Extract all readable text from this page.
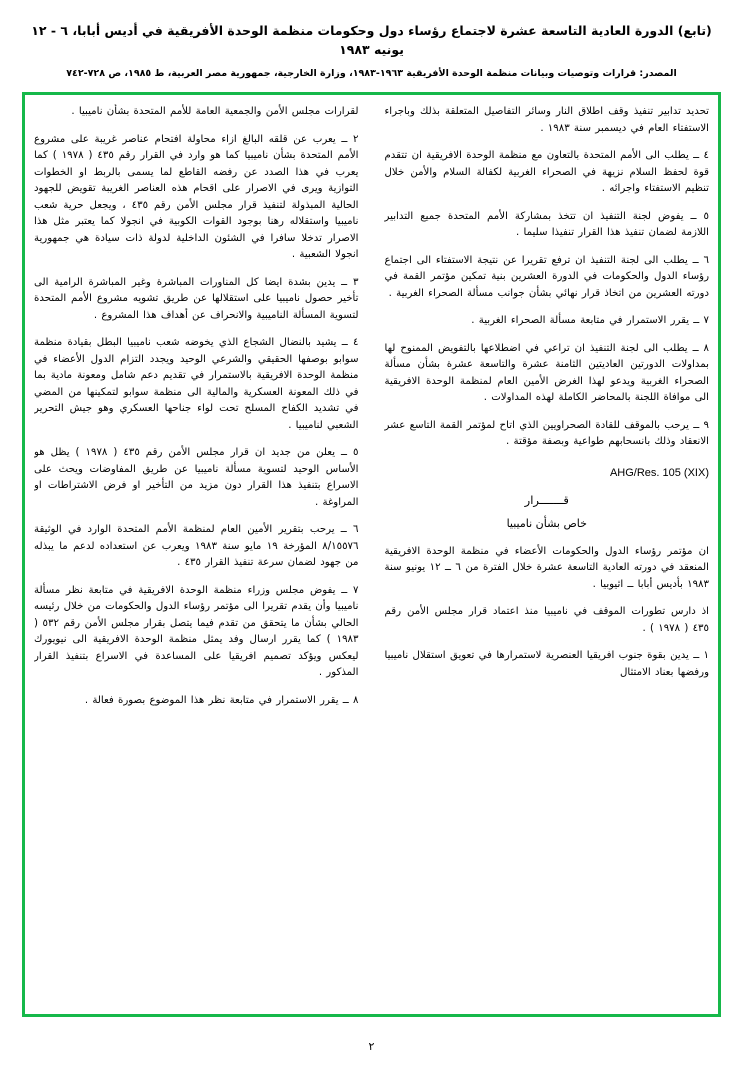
(تابع) الدورة العادية التاسعة عشرة لاجتماع رؤساء دول وحكومات منظمة الوحدة الأفريقية في أديس أبابا، ٦ - ١٢ يونيه ١٩٨٣
المصدر: قرارات وتوصيات وبيانات منظمة الوحدة الأفريقية ١٩٦٣-١٩٨٣، وزارة الخارجية، جمهورية مصر العربية، ط ١٩٨٥، ص ٧٢٨-٧٤٢

تحديد تدابير تنفيذ وقف اطلاق النار وسائر التفاصيل المتعلقة بذلك وباجراء الاستفتاء العام في ديسمبر سنة ١٩٨٣ .

٤ ــ يطلب الى الأمم المتحدة بالتعاون مع منظمة الوحدة الافريقية ان تتقدم قوة لحفظ السلام نزيهة في الصحراء الغربية لكفالة السلام والأمن خلال تنظيم الاستفتاء واجرائه .

٥ ــ يفوض لجنة التنفيذ ان تتخذ بمشاركة الأمم المتحدة جميع التدابير اللازمة لضمان تنفيذ هذا القرار تنفيذا سليما .

٦ ــ يطلب الى لجنة التنفيذ ان ترفع تقريرا عن نتيجة الاستفتاء الى اجتماع رؤساء الدول والحكومات في الدورة العشرين بنية تمكين مؤتمر القمة في دورته العشرين من اتخاذ قرار نهائي بشأن جوانب مسألة الصحراء الغربية .

٧ ــ يقرر الاستمرار في متابعة مسألة الصحراء الغربية .

٨ ــ يطلب الى لجنة التنفيذ ان تراعي في اضطلاعها بالتفويض الممنوح لها بمداولات الدورتين العاديتين الثامنة عشرة والتاسعة عشرة بشأن مسألة الصحراء الغربية ويدعو لهذا الغرض الأمين العام لمنظمة الوحدة الافريقية الى موافاة اللجنة بالمحاضر الكاملة لهذه المداولات .

٩ ــ يرحب بالموقف للقادة الصحراويين الذي اتاح لمؤتمر القمة التاسع عشر الانعقاد وذلك بانسحابهم طواعية وبصفة مؤقتة .

AHG/Res. 105 (XIX)
قـــــــرار
خاص بشأن ناميبيا

ان مؤتمر رؤساء الدول والحكومات الأعضاء في منظمة الوحدة الافريقية المنعقد في دورته العادية التاسعة عشرة خلال الفترة من ٦ ــ ١٢ يونيو سنة ١٩٨٣ بأديس أبابا ــ اثيوبيا .

اذ دارس تطورات الموقف في ناميبيا منذ اعتماد قرار مجلس الأمن رقم ٤٣٥ ( ١٩٧٨ ) .

١ ــ يدين بقوة جنوب افريقيا العنصرية لاستمرارها في تعويق استقلال ناميبيا ورفضها بعناد الامتثال

لقرارات مجلس الأمن والجمعية العامة للأمم المتحدة بشأن ناميبيا .

٢ ــ يعرب عن قلقه البالغ ازاء محاولة افتحام عناصر غريبة على مشروع الأمم المتحدة بشأن ناميبيا كما هو وارد في القرار رقم ٤٣٥ ( ١٩٧٨ ) كما يعرب في هذا الصدد عن رفضه القاطع لما يسمى بالربط او الخطوات التوازية ويرى في الاصرار على اقحام هذه العناصر الغريبة تقويض للجهود الحالية المبذولة لتنفيذ قرار مجلس الأمن رقم ٤٣٥ ، ويجعل حرية شعب ناميبيا واستقلاله رهنا بوجود القوات الكوبية في انجولا كما يعتبر مثل هذا الاصرار تدخلا سافرا في الشئون الداخلية لدولة ذات سيادة هي جمهورية انجولا الشعبية .

٣ ــ يدين بشدة ايضا كل المناورات المباشرة وغير المباشرة الرامية الى تأخير حصول ناميبيا على استقلالها عن طريق تشويه مشروع الأمم المتحدة لتسوية المسألة الناميبية والانحراف عن أهداف هذا المشروع .

٤ ــ يشيد بالنضال الشجاع الذي يخوضه شعب ناميبيا البطل بقيادة منظمة سوابو بوصفها الحقيقي والشرعي الوحيد ويجدد التزام الدول الأعضاء في منظمة الوحدة الافريقية بالاستمرار في تقديم دعم شامل ومعونة مادية بما في ذلك المعونة العسكرية والمالية الى منظمة سوابو لتمكينها من المضي في تشديد الكفاح المسلح تحت لواء جناحها العسكري وهو جيش التحرير الشعبي لناميبيا .

٥ ــ يعلن من جديد ان قرار مجلس الأمن رقم ٤٣٥ ( ١٩٧٨ ) يظل هو الأساس الوحيد لتسوية مسألة ناميبيا عن طريق المفاوضات ويحث على الاسراع بتنفيذ هذا القرار دون مزيد من التأخير او فرض الاشتراطات او المراوغة .

٦ ــ يرحب بتقرير الأمين العام لمنظمة الأمم المتحدة الوارد في الوثيقة ٨/١٥٥٧٦ المؤرخة ١٩ مايو سنة ١٩٨٣ ويعرب عن استعداده لدعم ما يبذله من جهود لضمان سرعة تنفيذ القرار ٤٣٥ .

٧ ــ يفوض مجلس وزراء منظمة الوحدة الافريقية في متابعة نظر مسألة ناميبيا وأن يقدم تقريرا الى مؤتمر رؤساء الدول والحكومات من خلال رئيسه الحالي بشأن ما يتحقق من تقدم فيما يتصل بقرار مجلس الأمن رقم ٥٣٢ ( ١٩٨٣ ) كما يقرر ارسال وفد يمثل منظمة الوحدة الافريقية الى نيويورك ليعكس ويؤكد تصميم افريقيا على المساعدة في الاسراع بتنفيذ القرار المذكور .

٨ ــ يقرر الاستمرار في متابعة نظر هذا الموضوع بصورة فعالة .

٢
